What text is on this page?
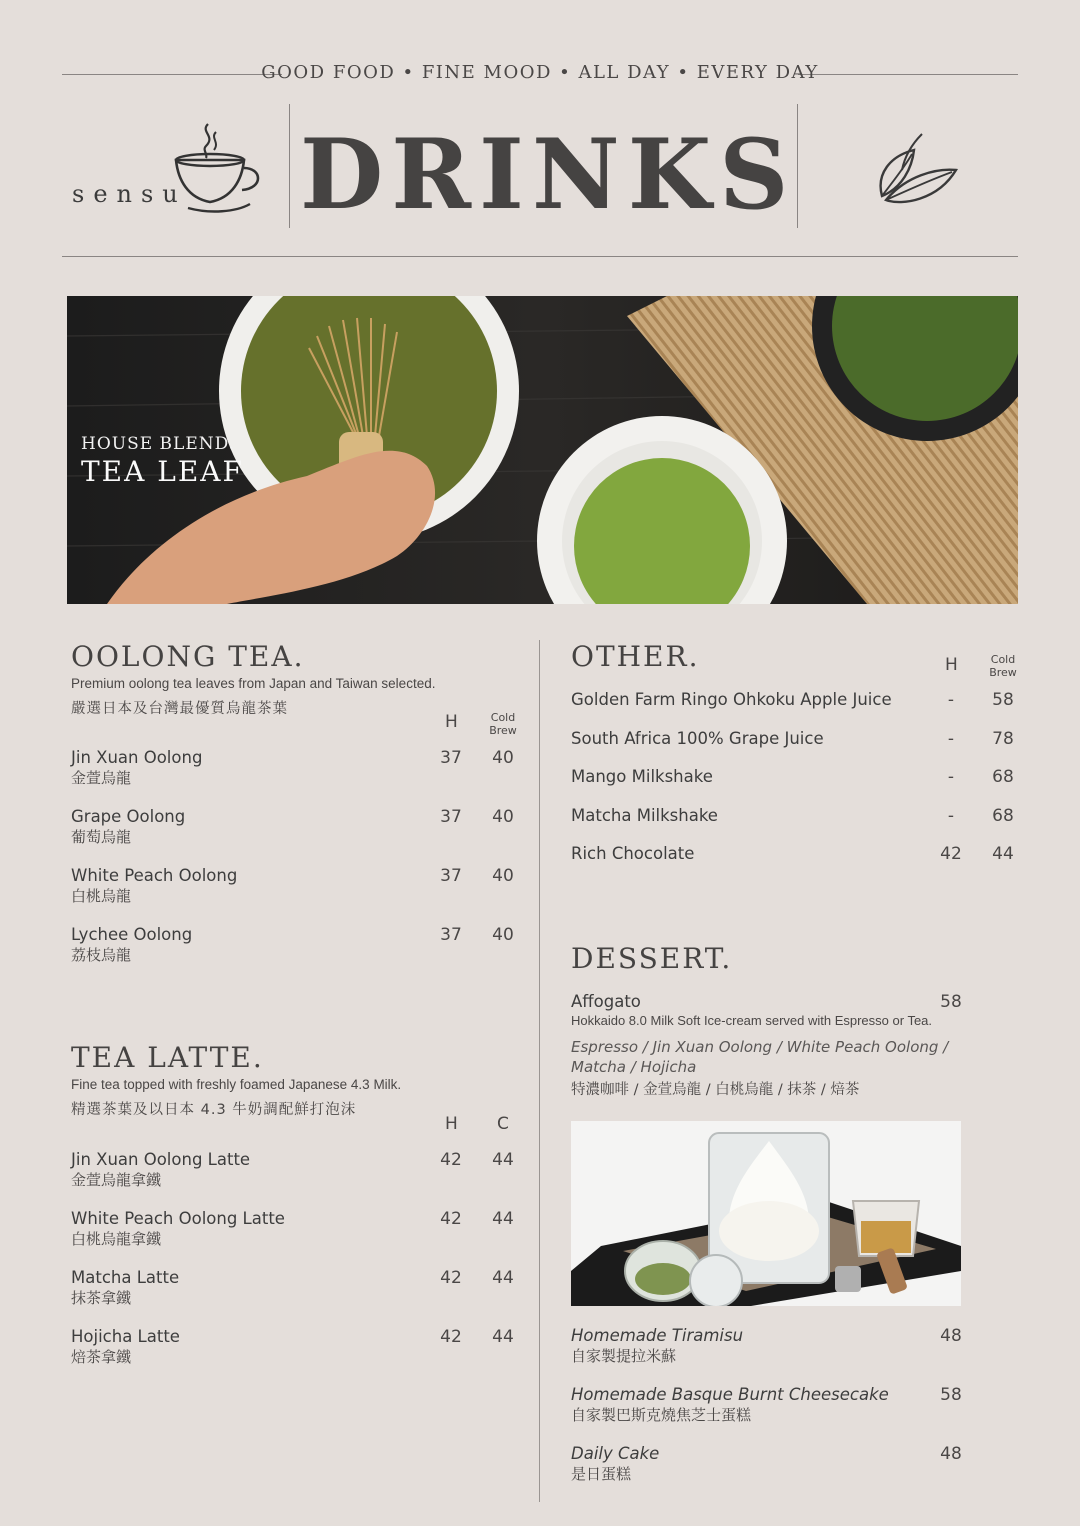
GOOD FOOD • FINE MOOD • ALL DAY • EVERY DAY
sensu DRINKS
HOUSE BLEND.
TEA LEAF
OOLONG TEA.
Premium oolong tea leaves from Japan and Taiwan selected.
嚴選日本及台灣最優質烏龍茶葉
H	Cold
Brew
Jin Xuan Oolong
金萱烏龍
37	40
Grape Oolong
葡萄烏龍
37	40
White Peach Oolong
白桃烏龍
37	40
Lychee Oolong
荔枝烏龍
37	40
TEA LATTE.
Fine tea topped with freshly foamed Japanese 4.3 Milk.
精選茶葉及以日本 4.3 牛奶調配鮮打泡沫
H C
Jin Xuan Oolong Latte
金萱烏龍拿鐵
42	44
White Peach Oolong Latte
白桃烏龍拿鐵
42	44
Matcha Latte
抹茶拿鐵
42	44
Hojicha Latte
焙茶拿鐵
42	44
OTHER.	H	Cold
Brew
Golden Farm Ringo Ohkoku Apple Juice	-	58
South Africa 100% Grape Juice	-	78
Mango Milkshake	-	68
Matcha Milkshake	-	68
Rich Chocolate	42	44
DESSERT.
Affogato	58
Hokkaido 8.0 Milk Soft Ice-cream served with Espresso or Tea.
Espresso / Jin Xuan Oolong / White Peach Oolong /
Matcha / Hojicha
特濃咖啡 / 金萱烏龍 / 白桃烏龍 / 抹茶 / 焙茶
Homemade Tiramisu
自家製提拉米蘇
48
Homemade Basque Burnt Cheesecake
自家製巴斯克燒焦芝士蛋糕
58
Daily Cake
是日蛋糕
48
